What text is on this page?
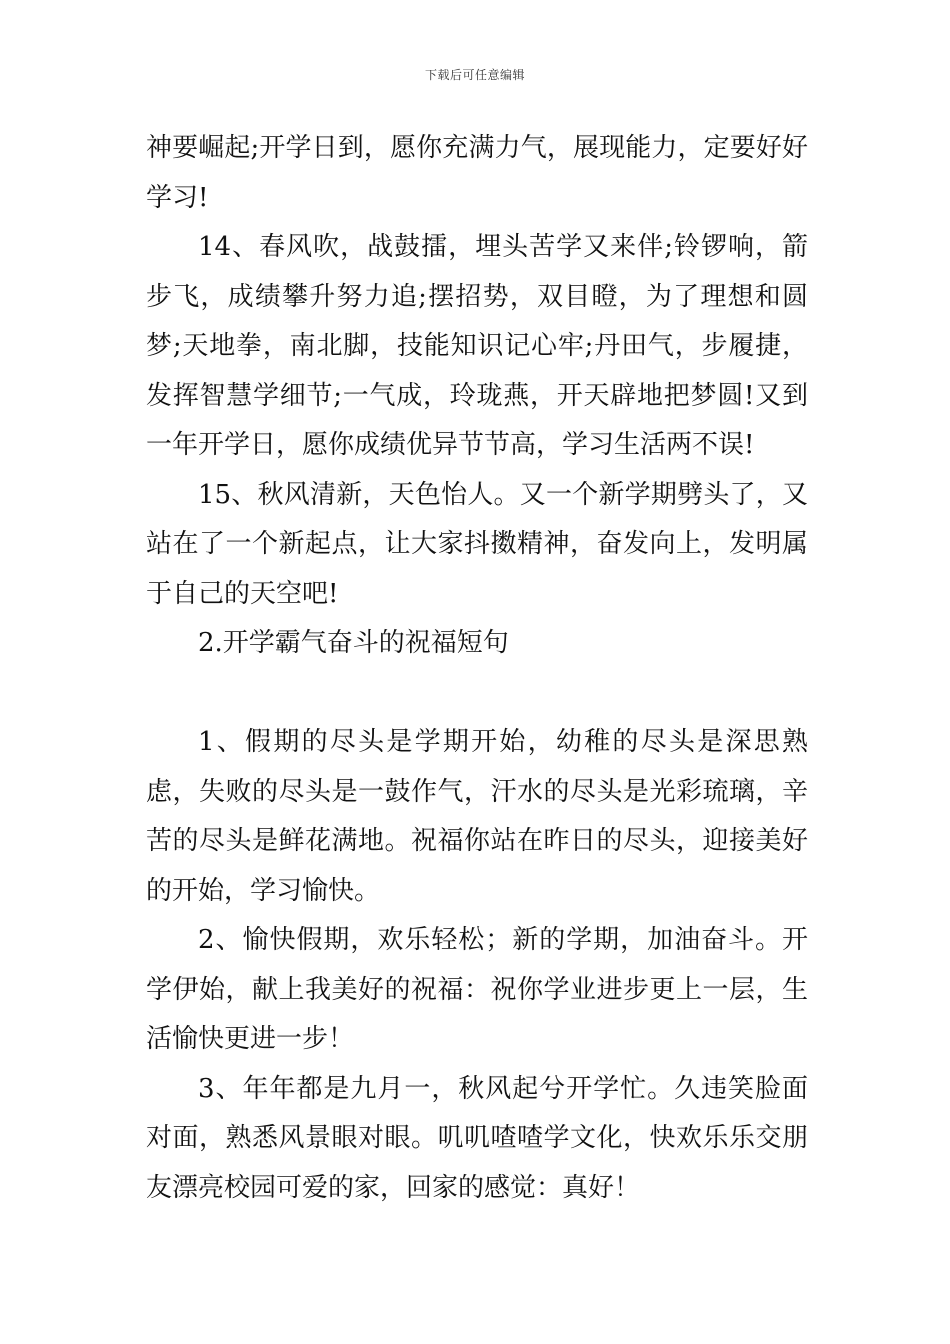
下载后可任意编辑

神要崛起;开学日到，愿你充满力气，展现能力，定要好好学习!

14、春风吹，战鼓擂，埋头苦学又来伴;铃锣响，箭步飞，成绩攀升努力追;摆招势，双目瞪，为了理想和圆梦;天地拳，南北脚，技能知识记心牢;丹田气，步履捷，发挥智慧学细节;一气成，玲珑燕，开天辟地把梦圆!又到一年开学日，愿你成绩优异节节高，学习生活两不误!

15、秋风清新，天色怡人。又一个新学期劈头了，又站在了一个新起点，让大家抖擞精神，奋发向上，发明属于自己的天空吧!

2.开学霸气奋斗的祝福短句

1、假期的尽头是学期开始，幼稚的尽头是深思熟虑，失败的尽头是一鼓作气，汗水的尽头是光彩琉璃，辛苦的尽头是鲜花满地。祝福你站在昨日的尽头，迎接美好的开始，学习愉快。

2、愉快假期，欢乐轻松；新的学期，加油奋斗。开学伊始，献上我美好的祝福：祝你学业进步更上一层，生活愉快更进一步！

3、年年都是九月一，秋风起兮开学忙。久违笑脸面对面，熟悉风景眼对眼。叽叽喳喳学文化，快欢乐乐交朋友漂亮校园可爱的家，回家的感觉：真好！
